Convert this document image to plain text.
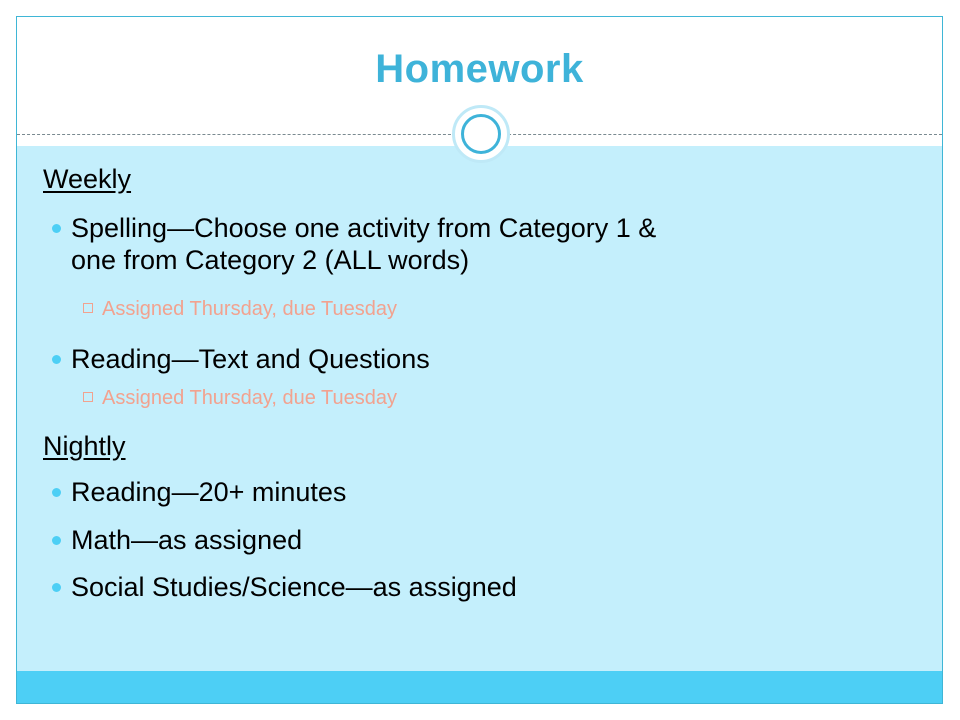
Homework
Weekly
Spelling—Choose one activity from Category 1 &
one from Category 2 (ALL words)
Assigned Thursday, due Tuesday
Reading—Text and Questions
Assigned Thursday, due Tuesday
Nightly
Reading—20+ minutes
Math—as assigned
Social Studies/Science—as assigned
